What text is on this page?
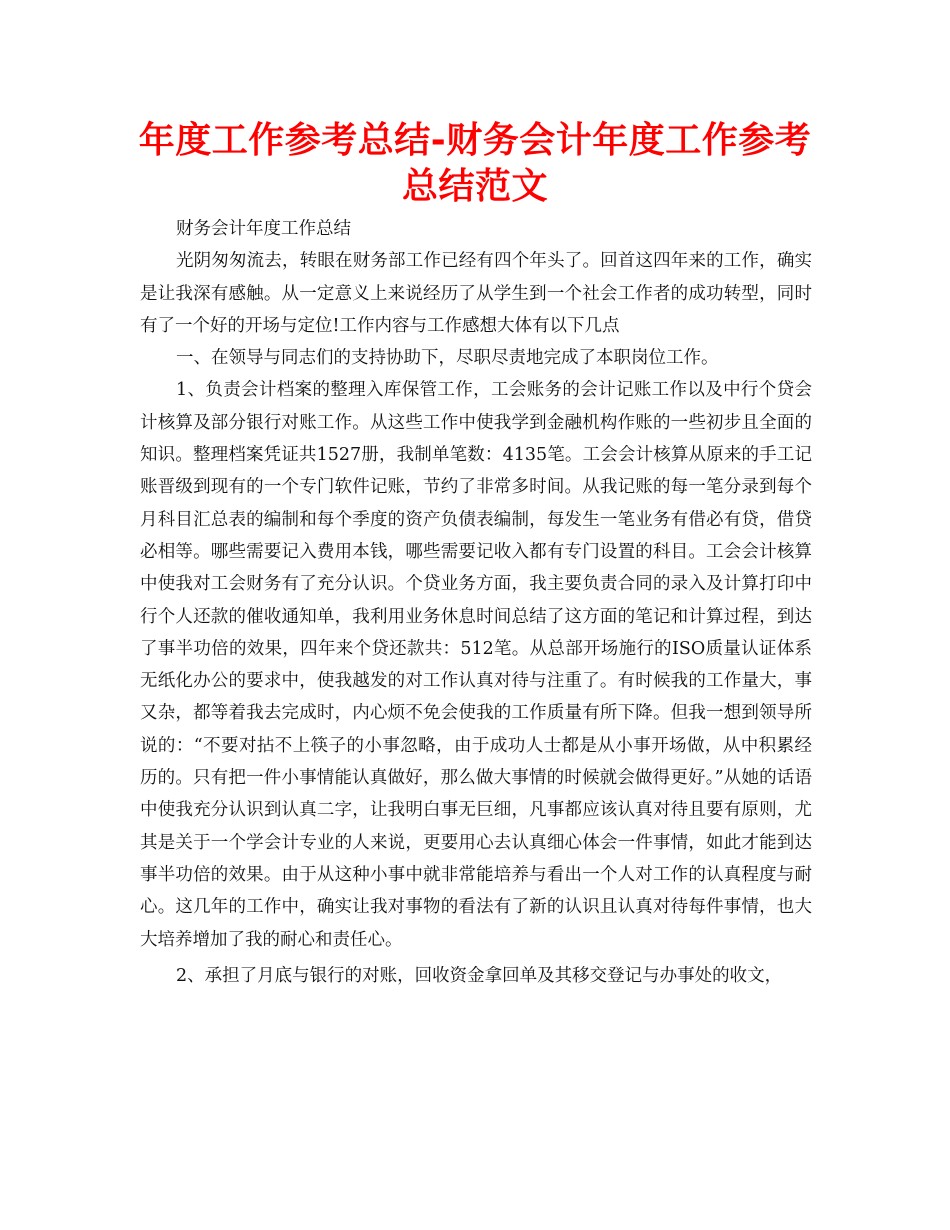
年度工作参考总结-财务会计年度工作参考总结范文

财务会计年度工作总结

光阴匆匆流去，转眼在财务部工作已经有四个年头了。回首这四年来的工作，确实是让我深有感触。从一定意义上来说经历了从学生到一个社会工作者的成功转型，同时有了一个好的开场与定位!工作内容与工作感想大体有以下几点

一、在领导与同志们的支持协助下，尽职尽责地完成了本职岗位工作。

1、负责会计档案的整理入库保管工作，工会账务的会计记账工作以及中行个贷会计核算及部分银行对账工作。从这些工作中使我学到金融机构作账的一些初步且全面的知识。整理档案凭证共1527册，我制单笔数：4135笔。工会会计核算从原来的手工记账晋级到现有的一个专门软件记账，节约了非常多时间。从我记账的每一笔分录到每个月科目汇总表的编制和每个季度的资产负债表编制，每发生一笔业务有借必有贷，借贷必相等。哪些需要记入费用本钱，哪些需要记收入都有专门设置的科目。工会会计核算中使我对工会财务有了充分认识。个贷业务方面，我主要负责合同的录入及计算打印中行个人还款的催收通知单，我利用业务休息时间总结了这方面的笔记和计算过程，到达了事半功倍的效果，四年来个贷还款共：512笔。从总部开场施行的ISO质量认证体系无纸化办公的要求中，使我越发的对工作认真对待与注重了。有时候我的工作量大，事又杂，都等着我去完成时，内心烦不免会使我的工作质量有所下降。但我一想到领导所说的：“不要对拈不上筷子的小事忽略，由于成功人士都是从小事开场做，从中积累经历的。只有把一件小事情能认真做好，那么做大事情的时候就会做得更好。”从她的话语中使我充分认识到认真二字，让我明白事无巨细，凡事都应该认真对待且要有原则，尤其是关于一个学会计专业的人来说，更要用心去认真细心体会一件事情，如此才能到达事半功倍的效果。由于从这种小事中就非常能培养与看出一个人对工作的认真程度与耐心。这几年的工作中，确实让我对事物的看法有了新的认识且认真对待每件事情，也大大培养增加了我的耐心和责任心。

2、承担了月底与银行的对账，回收资金拿回单及其移交登记与办事处的收文，
